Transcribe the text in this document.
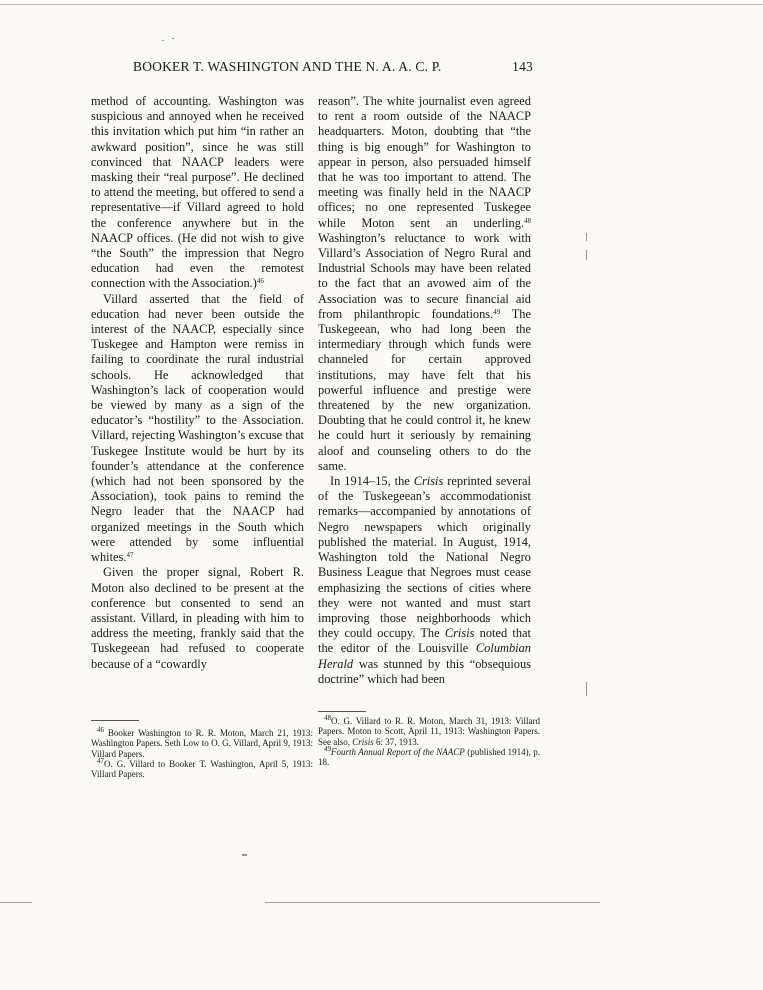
BOOKER T. WASHINGTON AND THE N. A. A. C. P.	143

method of accounting. Washington was suspicious and annoyed when he received this invitation which put him “in rather an awkward position”, since he was still convinced that NAACP leaders were masking their “real purpose”. He declined to attend the meeting, but offered to send a representative—if Villard agreed to hold the conference anywhere but in the NAACP offices. (He did not wish to give “the South” the impression that Negro education had even the remotest connection with the Association.)$^{46}$

Villard asserted that the field of education had never been outside the interest of the NAACP, especially since Tuskegee and Hampton were remiss in failing to coordinate the rural industrial schools. He acknowledged that Washington’s lack of cooperation would be viewed by many as a sign of the educator’s “hostility” to the Association. Villard, rejecting Washington’s excuse that Tuskegee Institute would be hurt by its founder’s attendance at the conference (which had not been sponsored by the Association), took pains to remind the Negro leader that the NAACP had organized meetings in the South which were attended by some influential whites.$^{47}$

Given the proper signal, Robert R. Moton also declined to be present at the conference but consented to send an assistant. Villard, in pleading with him to address the meeting, frankly said that the Tuskegeean had refused to cooperate because of a “cowardly

reason”. The white journalist even agreed to rent a room outside of the NAACP headquarters. Moton, doubting that “the thing is big enough” for Washington to appear in person, also persuaded himself that he was too important to attend. The meeting was finally held in the NAACP offices; no one represented Tuskegee while Moton sent an underling.$^{48}$ Washington’s reluctance to work with Villard’s Association of Negro Rural and Industrial Schools may have been related to the fact that an avowed aim of the Association was to secure financial aid from philanthropic foundations.$^{49}$ The Tuskegeean, who had long been the intermediary through which funds were channeled for certain approved institutions, may have felt that his powerful influence and prestige were threatened by the new organization. Doubting that he could control it, he knew he could hurt it seriously by remaining aloof and counseling others to do the same.

In 1914–15, the Crisis reprinted several of the Tuskegeean’s accommodationist remarks—accompanied by annotations of Negro newspapers which originally published the material. In August, 1914, Washington told the National Negro Business League that Negroes must cease emphasizing the sections of cities where they were not wanted and must start improving those neighborhoods which they could occupy. The Crisis noted that the editor of the Louisville Columbian Herald was stunned by this “obsequious doctrine” which had been

$^{46}$ Booker Washington to R. R. Moton, March 21, 1913: Washington Papers. Seth Low to O. G. Villard, April 9, 1913: Villard Papers.

$^{47}$O. G. Villard to Booker T. Washington, April 5, 1913: Villard Papers.

$^{48}$O. G. Villard to R. R. Moton, March 31, 1913: Villard Papers. Moton to Scott, April 11, 1913: Washington Papers. See also, Crisis 6: 37, 1913.

$^{49}$Fourth Annual Report of the NAACP (published 1914), p. 18.
